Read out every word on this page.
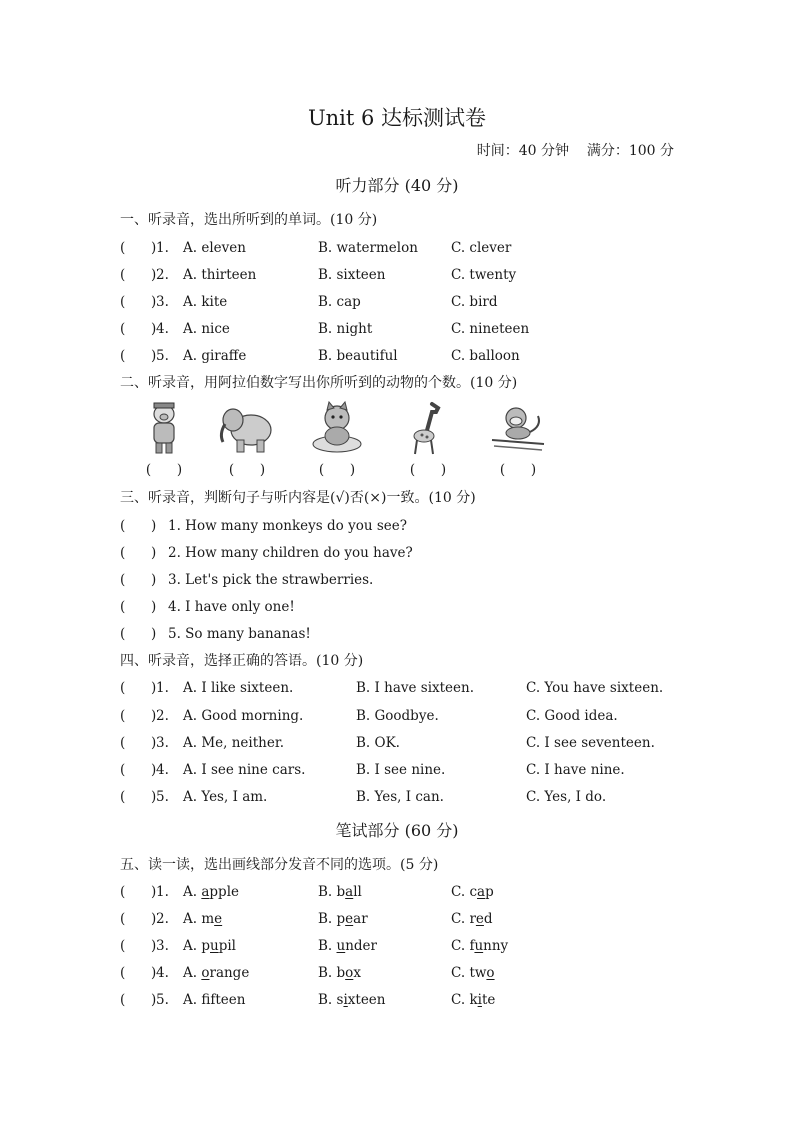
Unit 6 达标测试卷
时间：40 分钟    满分：100 分
听力部分 (40 分)
一、听录音，选出所听到的单词。(10 分)
(      ) 1. A. eleven	B. watermelon C. clever
(      ) 2. A. thirteen	B. sixteen	C. twenty
(      ) 3. A. kite	B. cap	C. bird
(      ) 4. A. nice	B. night	C. nineteen
(      ) 5. A. giraffe	B. beautiful	C. balloon
二、听录音，用阿拉伯数字写出你所听到的动物的个数。(10 分)
(      )	(      )	(      )	(      )	(      )
三、听录音，判断句子与听内容是(√)否(×)一致。(10 分)
(      ) 1. How many monkeys do you see?
(      ) 2. How many children do you have?
(      ) 3. Let's pick the strawberries.
(      ) 4. I have only one!
(      ) 5. So many bananas!
四、听录音，选择正确的答语。(10 分)
(      ) 1. A. I like sixteen.	B. I have sixteen.	C. You have sixteen.
(      ) 2. A. Good morning.	B. Goodbye.	C. Good idea.
(      ) 3. A. Me, neither.	B. OK.	C. I see seventeen.
(      ) 4. A. I see nine cars.	B. I see nine.	C. I have nine.
(      ) 5. A. Yes, I am.	B. Yes, I can.	C. Yes, I do.
笔试部分 (60 分)
五、读一读，选出画线部分发音不同的选项。(5 分)
(      ) 1. A. apple	B. ball	C. cap
(      ) 2. A. me	B. pear	C. red
(      ) 3. A. pupil	B. under	C. funny
(      ) 4. A. orange	B. box	C. two
(      ) 5. A. ffteen	B. sixteen	C. kite
